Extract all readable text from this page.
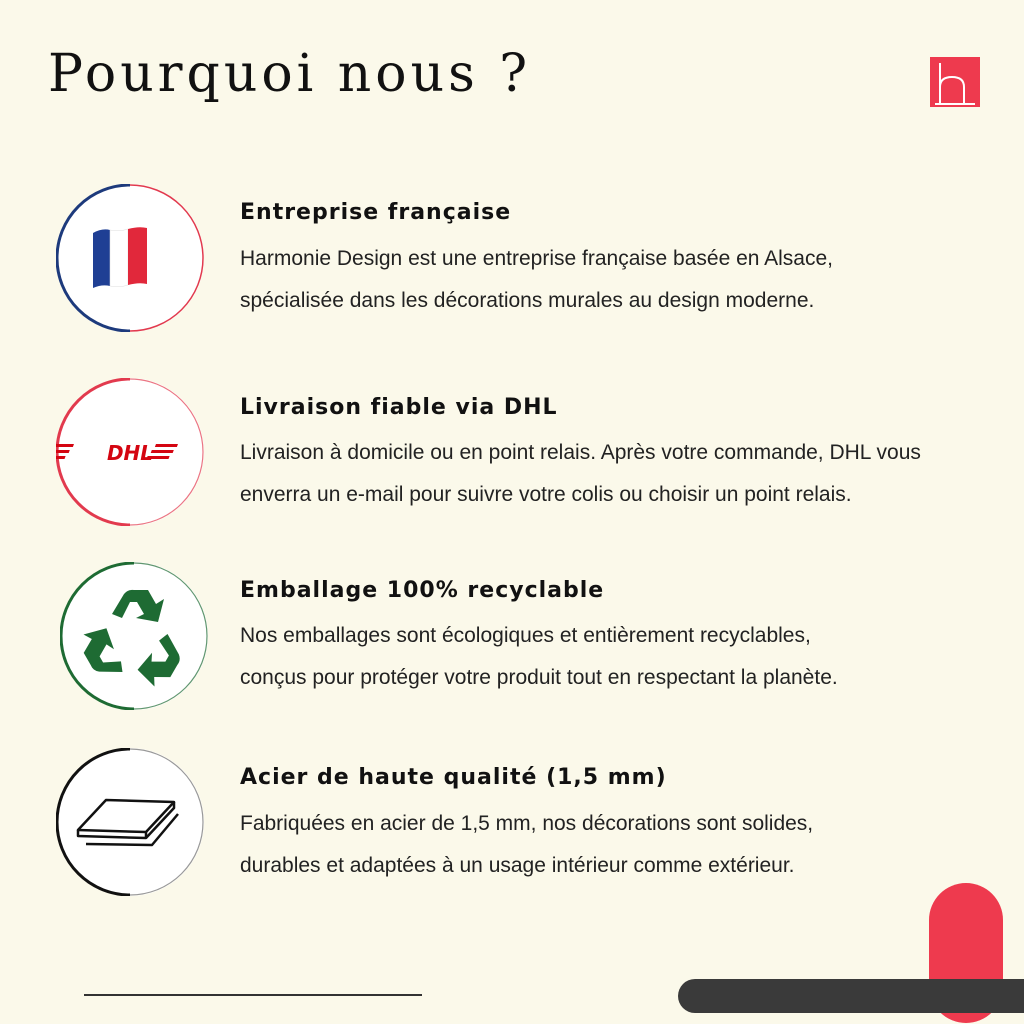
Pourquoi nous ?
Entreprise française

Harmonie Design est une entreprise française basée en Alsace,
spécialisée dans les décorations murales au design moderne.

DHL
Livraison fiable via DHL

Livraison à domicile ou en point relais. Après votre commande, DHL vous
enverra un e-mail pour suivre votre colis ou choisir un point relais.

Emballage 100% recyclable

Nos emballages sont écologiques et entièrement recyclables,
conçus pour protéger votre produit tout en respectant la planète.

Acier de haute qualité (1,5 mm)

Fabriquées en acier de 1,5 mm, nos décorations sont solides,
durables et adaptées à un usage intérieur comme extérieur.
